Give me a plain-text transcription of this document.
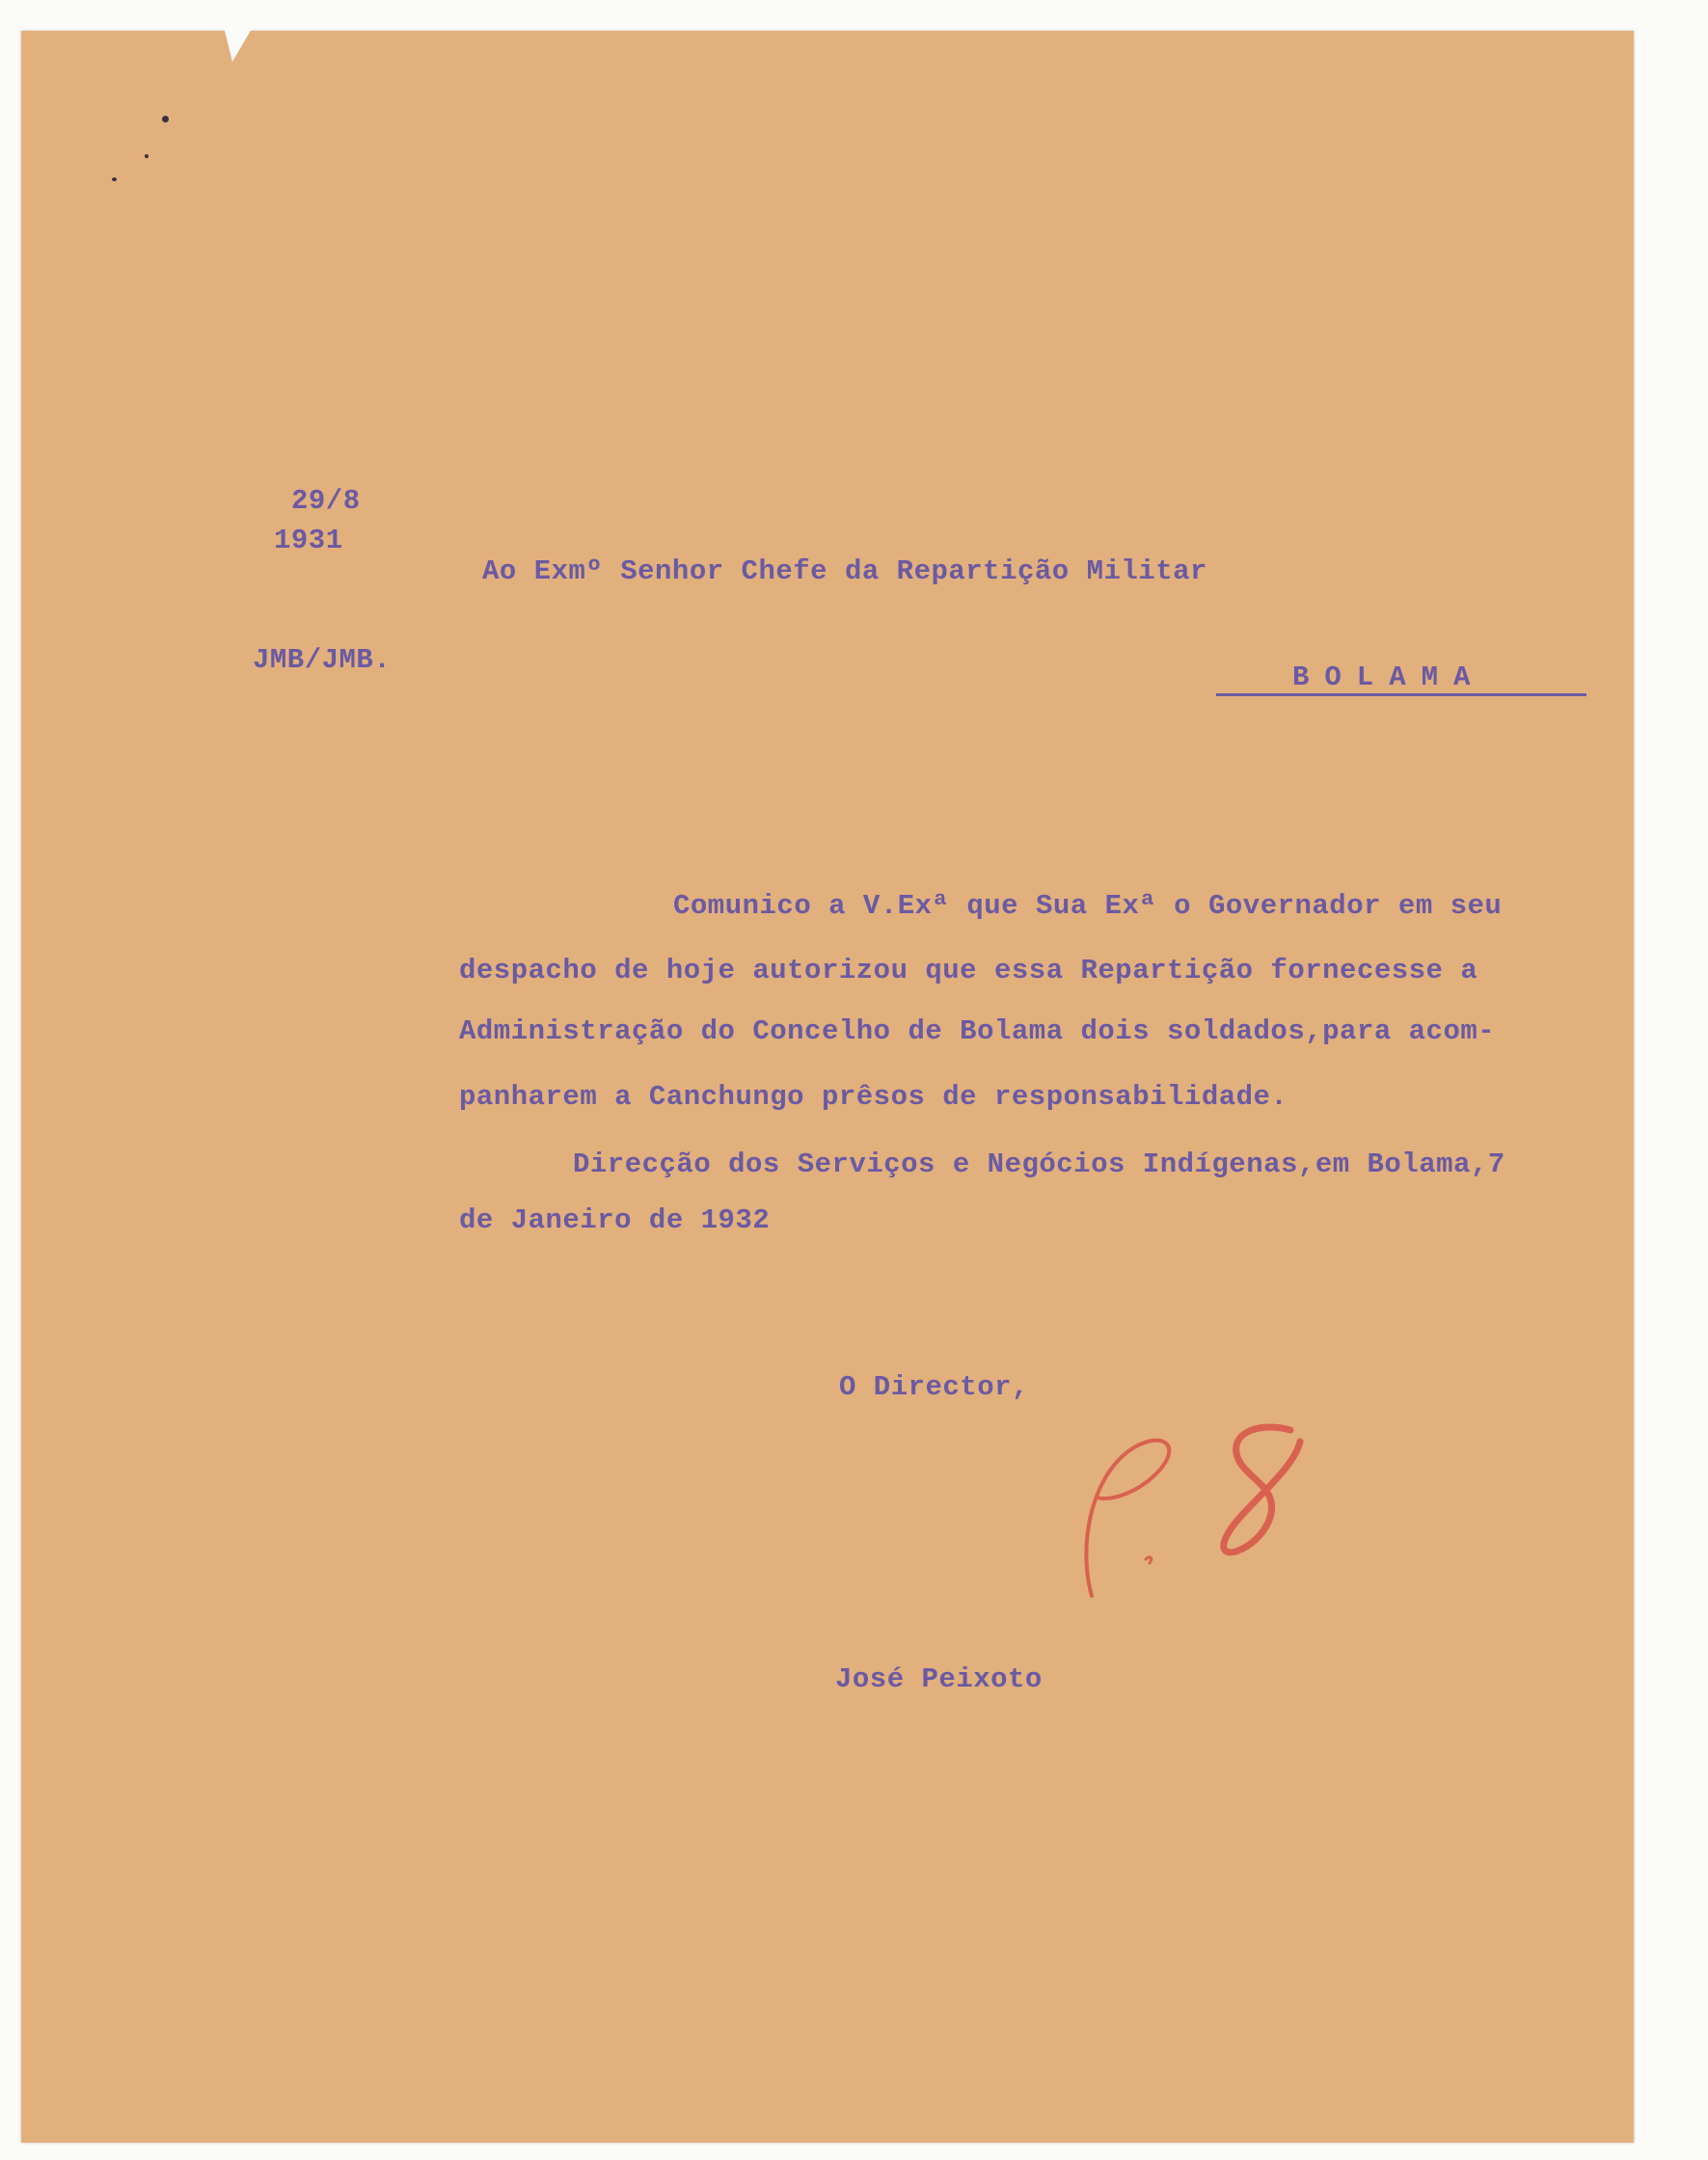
29/8
1931
JMB/JMB.
Ao Exmº Senhor Chefe da Repartição Militar
BOLAMA
Comunico a V.Exª que Sua Exª o Governador em seu
despacho de hoje autorizou que essa Repartição fornecesse a
Administração do Concelho de Bolama dois soldados,para acom-
panharem a Canchungo prêsos de responsabilidade.
Direcção dos Serviços e Negócios Indígenas,em Bolama,7
de Janeiro de 1932
O Director,
José Peixoto
